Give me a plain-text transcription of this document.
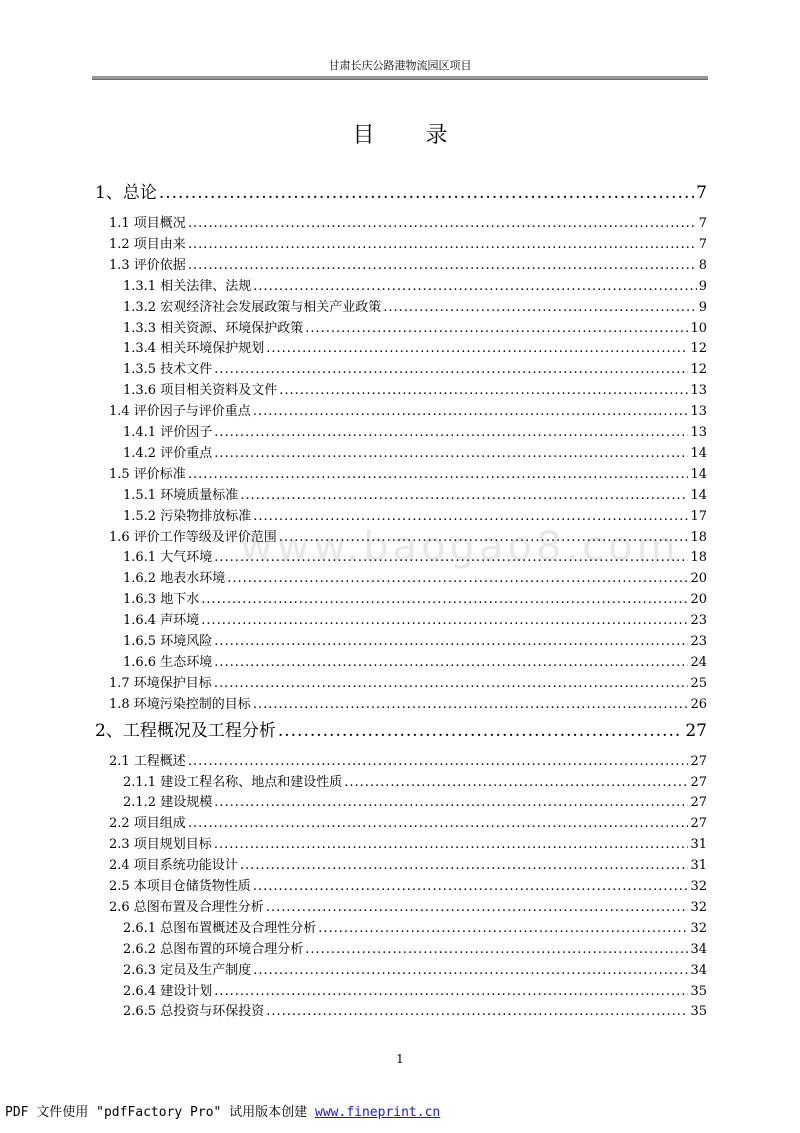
甘肃长庆公路港物流园区项目
目 录
www.baogao8.com
1、总论 .....	7
1.1 项目概况 .....	7
1.2 项目由来 .....	7
1.3 评价依据 .....	8
1.3.1 相关法律、法规 .....	9
1.3.2 宏观经济社会发展政策与相关产业政策 .....	9
1.3.3 相关资源、环境保护政策 .....	10
1.3.4 相关环境保护规划 .....	12
1.3.5 技术文件 .....	12
1.3.6 项目相关资料及文件 .....	13
1.4 评价因子与评价重点 .....	13
1.4.1 评价因子 .....	13
1.4.2 评价重点 .....	14
1.5 评价标准 .....	14
1.5.1 环境质量标准 .....	14
1.5.2 污染物排放标准 .....	17
1.6 评价工作等级及评价范围 .....	18
1.6.1 大气环境 .....	18
1.6.2 地表水环境 .....	20
1.6.3 地下水 .....	20
1.6.4 声环境 .....	23
1.6.5 环境风险 .....	23
1.6.6 生态环境 .....	24
1.7 环境保护目标 .....	25
1.8 环境污染控制的目标 .....	26
2、工程概况及工程分析 .....	27
2.1 工程概述 .....	27
2.1.1 建设工程名称、地点和建设性质 .....	27
2.1.2 建设规模 .....	27
2.2 项目组成 .....	27
2.3 项目规划目标 .....	31
2.4 项目系统功能设计 .....	31
2.5 本项目仓储货物性质 .....	32
2.6 总图布置及合理性分析 .....	32
2.6.1 总图布置概述及合理性分析 .....	32
2.6.2 总图布置的环境合理分析 .....	34
2.6.3 定员及生产制度 .....	34
2.6.4 建设计划 .....	35
2.6.5 总投资与环保投资 .....	35
1
PDF 文件使用 "pdfFactory Pro" 试用版本创建 www.fineprint.cn
